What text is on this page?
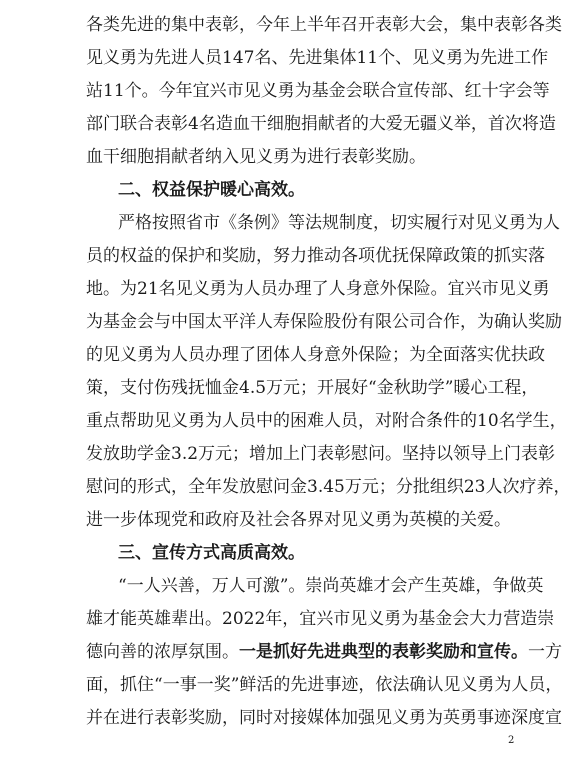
各类先进的集中表彰，今年上半年召开表彰大会，集中表彰各类
见义勇为先进人员147名、先进集体11个、见义勇为先进工作
站11个。今年宜兴市见义勇为基金会联合宣传部、红十字会等
部门联合表彰4名造血干细胞捐献者的大爱无疆义举，首次将造
血干细胞捐献者纳入见义勇为进行表彰奖励。
二、权益保护暖心高效。
严格按照省市《条例》等法规制度，切实履行对见义勇为人
员的权益的保护和奖励，努力推动各项优抚保障政策的抓实落
地。为21名见义勇为人员办理了人身意外保险。宜兴市见义勇
为基金会与中国太平洋人寿保险股份有限公司合作，为确认奖励
的见义勇为人员办理了团体人身意外保险；为全面落实优扶政
策，支付伤残抚恤金4.5万元；开展好“金秋助学”暖心工程，
重点帮助见义勇为人员中的困难人员，对附合条件的10名学生，
发放助学金3.2万元；增加上门表彰慰问。坚持以领导上门表彰
慰问的形式，全年发放慰问金3.45万元；分批组织23人次疗养，
进一步体现党和政府及社会各界对见义勇为英模的关爱。
三、宣传方式高质高效。
“一人兴善，万人可激”。崇尚英雄才会产生英雄，争做英
雄才能英雄辈出。2022年，宜兴市见义勇为基金会大力营造崇
德向善的浓厚氛围。一是抓好先进典型的表彰奖励和宣传。一方
面，抓住“一事一奖”鲜活的先进事迹，依法确认见义勇为人员，
并在进行表彰奖励，同时对接媒体加强见义勇为英勇事迹深度宣
2
